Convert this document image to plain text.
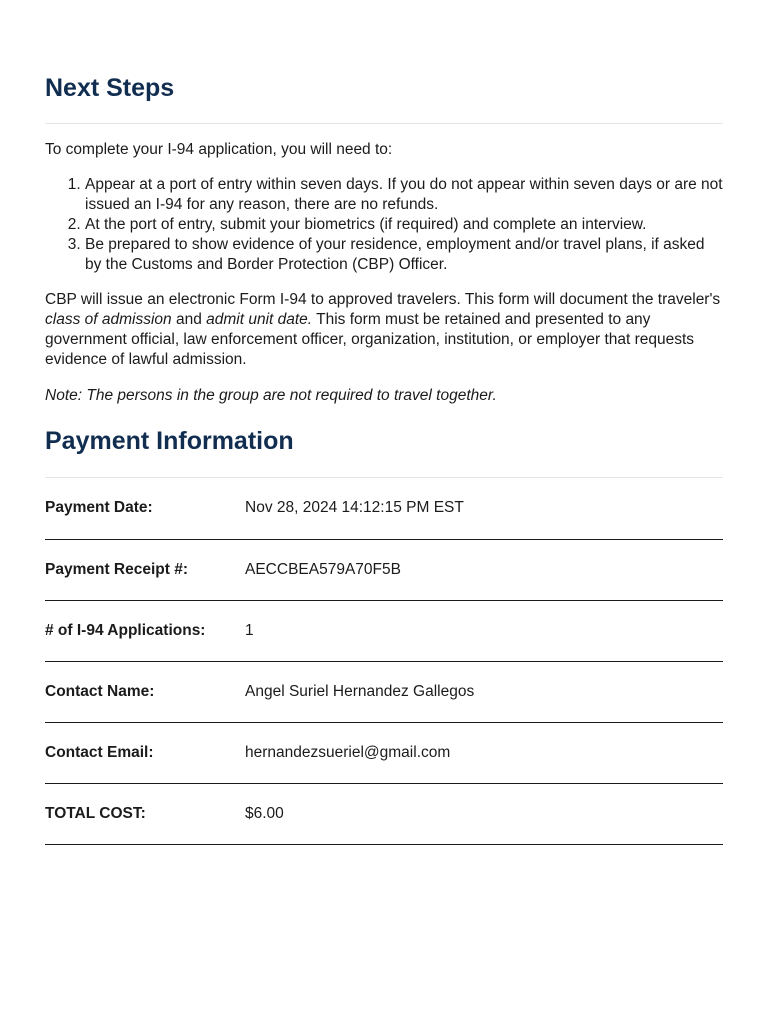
Next Steps

To complete your I-94 application, you will need to:

1. Appear at a port of entry within seven days. If you do not appear within seven days or are not issued an I-94 for any reason, there are no refunds.
2. At the port of entry, submit your biometrics (if required) and complete an interview.
3. Be prepared to show evidence of your residence, employment and/or travel plans, if asked by the Customs and Border Protection (CBP) Officer.

CBP will issue an electronic Form I-94 to approved travelers. This form will document the traveler's class of admission and admit unit date. This form must be retained and presented to any government official, law enforcement officer, organization, institution, or employer that requests evidence of lawful admission.

Note: The persons in the group are not required to travel together.

Payment Information
Payment Date:	Nov 28, 2024 14:12:15 PM EST
Payment Receipt #:	AECCBEA579A70F5B
# of I-94 Applications:	1
Contact Name:	Angel Suriel Hernandez Gallegos
Contact Email:	hernandezsueriel@gmail.com
TOTAL COST:	$6.00
